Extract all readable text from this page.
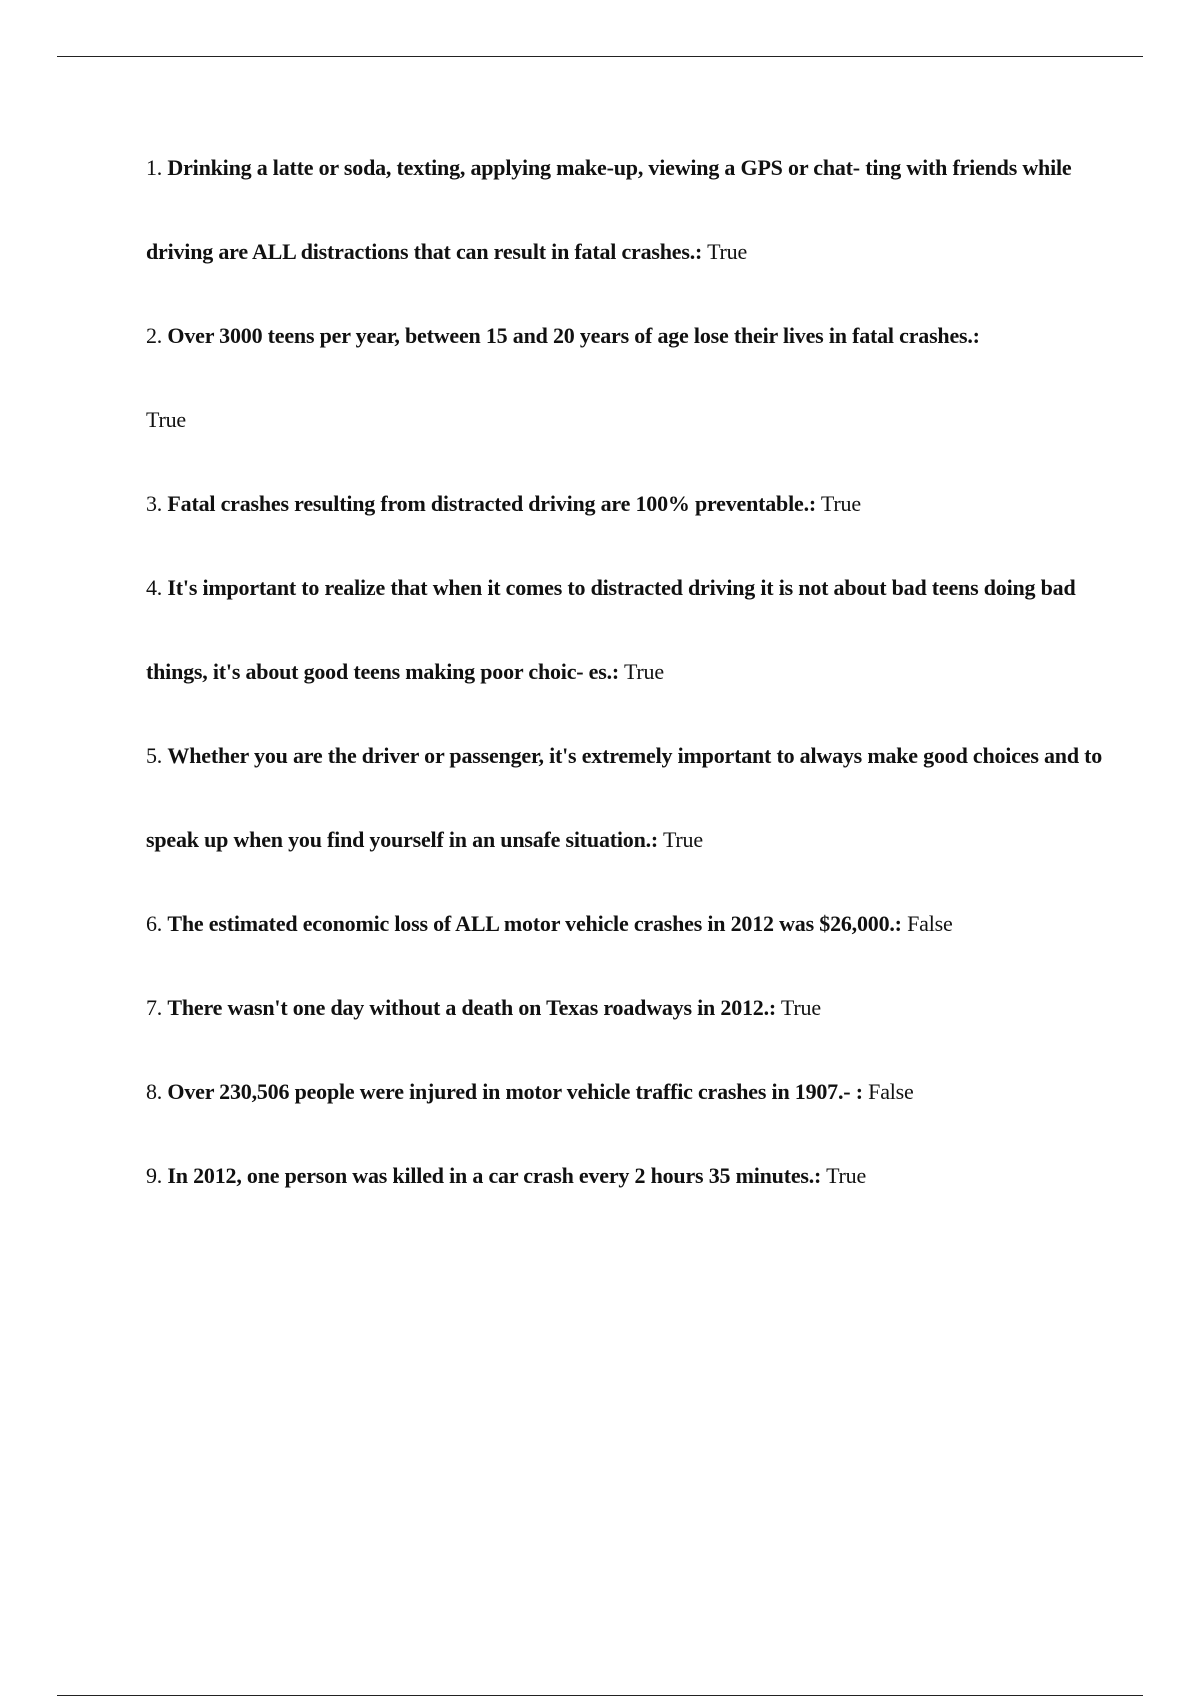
1. Drinking a latte or soda, texting, applying make-up, viewing a GPS or chat- ting with friends while driving are ALL distractions that can result in fatal crashes.: True

2. Over 3000 teens per year, between 15 and 20 years of age lose their lives in fatal crashes.:
True

3. Fatal crashes resulting from distracted driving are 100% preventable.: True

4. It's important to realize that when it comes to distracted driving it is not about bad teens doing bad things, it's about good teens making poor choic- es.: True

5. Whether you are the driver or passenger, it's extremely important to always make good choices and to speak up when you find yourself in an unsafe situation.: True

6. The estimated economic loss of ALL motor vehicle crashes in 2012 was $26,000.: False

7. There wasn't one day without a death on Texas roadways in 2012.: True

8. Over 230,506 people were injured in motor vehicle traffic crashes in 1907.- : False

9. In 2012, one person was killed in a car crash every 2 hours 35 minutes.: True
